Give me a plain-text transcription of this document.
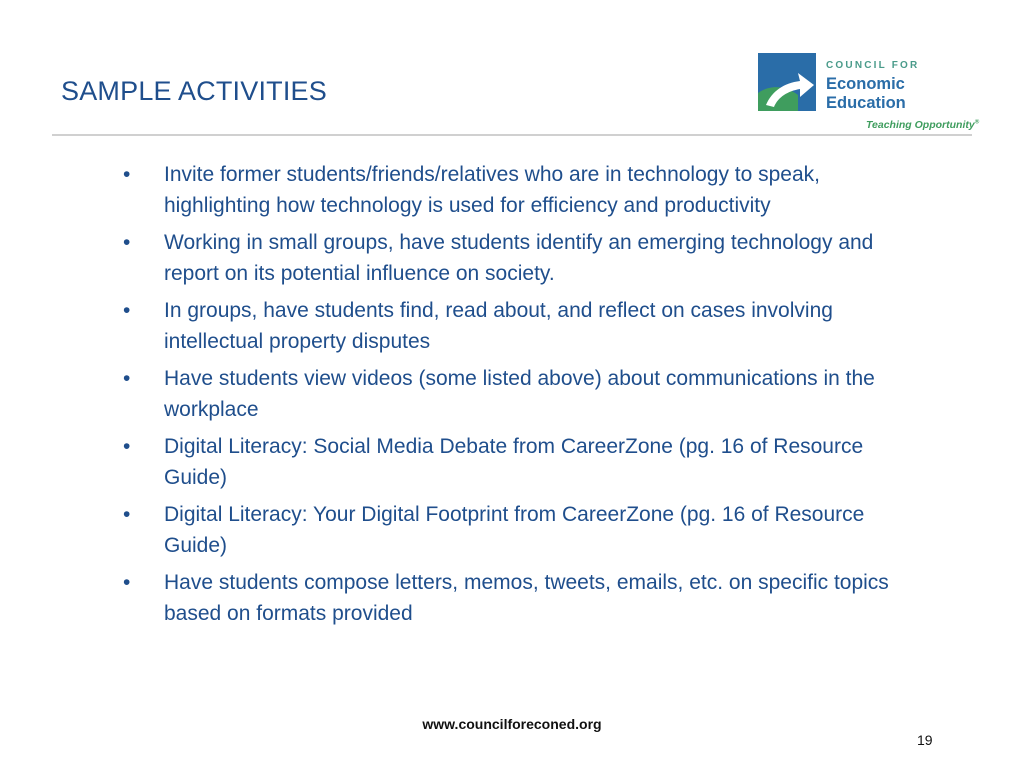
SAMPLE ACTIVITIES
COUNCIL FOR
Economic
Education
Teaching Opportunity®
• Invite former students/friends/relatives who are in technology to speak, highlighting how technology is used for efficiency and productivity
• Working in small groups, have students identify an emerging technology and report on its potential influence on society.
• In groups, have students find, read about, and reflect on cases involving intellectual property disputes
• Have students view videos (some listed above) about communications in the workplace
• Digital Literacy: Social Media Debate from CareerZone (pg. 16 of Resource Guide)
• Digital Literacy: Your Digital Footprint from CareerZone (pg. 16 of Resource Guide)
• Have students compose letters, memos, tweets, emails, etc. on specific topics based on formats provided
www.councilforeconed.org
19
